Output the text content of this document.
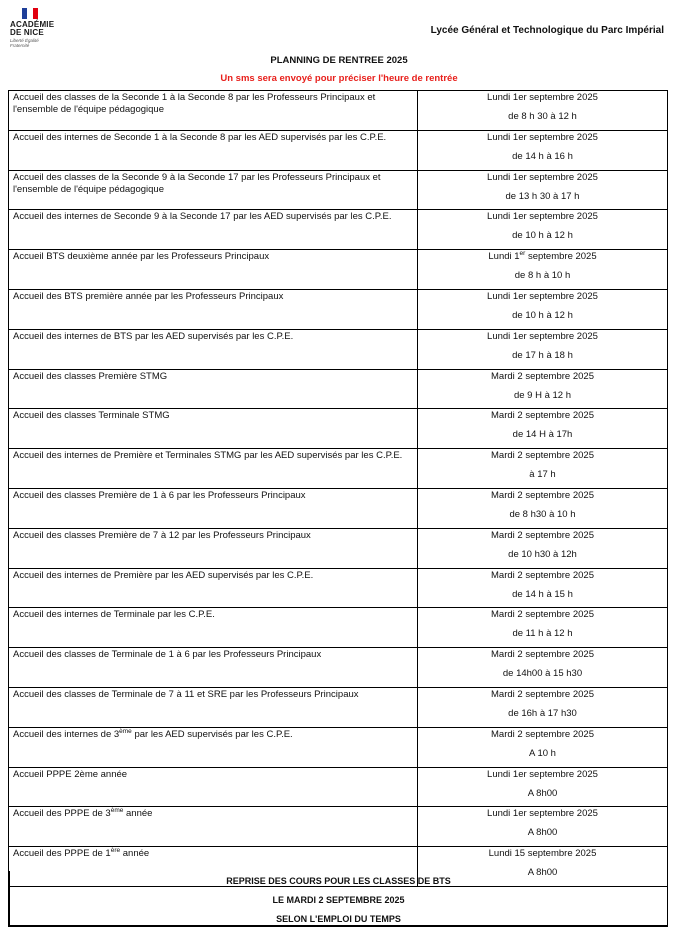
ACADÉMIE
DE NICE
Liberté Égalité Fraternité
Lycée Général et Technologique du Parc Impérial
PLANNING DE RENTREE 2025
Un sms sera envoyé pour préciser l'heure de rentrée
Accueil des classes de la Seconde 1 à la Seconde 8 par les Professeurs Principaux et l'ensemble de l'équipe pédagogique	Lundi 1er septembre 2025
de 8 h 30 à 12 h

Accueil des internes de Seconde 1 à la Seconde 8 par les AED supervisés par les C.P.E.	Lundi 1er septembre 2025
de 14 h à 16 h

Accueil des classes de la Seconde 9 à la Seconde 17 par les Professeurs Principaux et l'ensemble de l'équipe pédagogique	Lundi 1er septembre 2025
de 13 h 30 à 17 h

Accueil des internes de Seconde 9 à la Seconde 17 par les AED supervisés par les C.P.E.	Lundi 1er septembre 2025
de 10 h à 12 h

Accueil BTS deuxième année par les Professeurs Principaux	Lundi 1er septembre 2025
de 8 h à 10 h

Accueil des BTS première année par les Professeurs Principaux	Lundi 1er septembre 2025
de 10 h à 12 h

Accueil des internes de BTS par les AED supervisés par les C.P.E.	Lundi 1er septembre 2025
de 17 h à 18 h

Accueil des classes Première STMG	Mardi 2 septembre 2025
de 9 H à 12 h

Accueil des classes Terminale STMG	Mardi 2 septembre 2025
de 14 H à 17h

Accueil des internes de Première et Terminales STMG par les AED supervisés par les C.P.E.	Mardi 2 septembre 2025
à 17 h

Accueil des classes Première de 1 à 6 par les Professeurs Principaux	Mardi 2 septembre 2025
de 8 h30 à 10 h

Accueil des classes Première de 7 à 12 par les Professeurs Principaux	Mardi 2 septembre 2025
de 10 h30 à 12h

Accueil des internes de Première par les AED supervisés par les C.P.E.	Mardi 2 septembre 2025
de 14 h à 15 h

Accueil des internes de Terminale par les C.P.E.	Mardi 2 septembre 2025
de 11 h à 12 h

Accueil des classes de Terminale de 1 à 6 par les Professeurs Principaux	Mardi 2 septembre 2025
de 14h00 à 15 h30

Accueil des classes de Terminale de 7 à 11 et SRE par les Professeurs Principaux	Mardi 2 septembre 2025
de 16h à 17 h30

Accueil des internes de 3ème par les AED supervisés par les C.P.E.	Mardi 2 septembre 2025
A 10 h

Accueil PPPE 2ème année	Lundi 1er septembre 2025
A 8h00

Accueil des PPPE de 3ème année	Lundi 1er septembre 2025
A 8h00

Accueil des PPPE de 1ère année	Lundi 15 septembre 2025
A 8h00
REPRISE DES COURS POUR LES CLASSES DE BTS
LE MARDI 2 SEPTEMBRE 2025
SELON L'EMPLOI DU TEMPS
